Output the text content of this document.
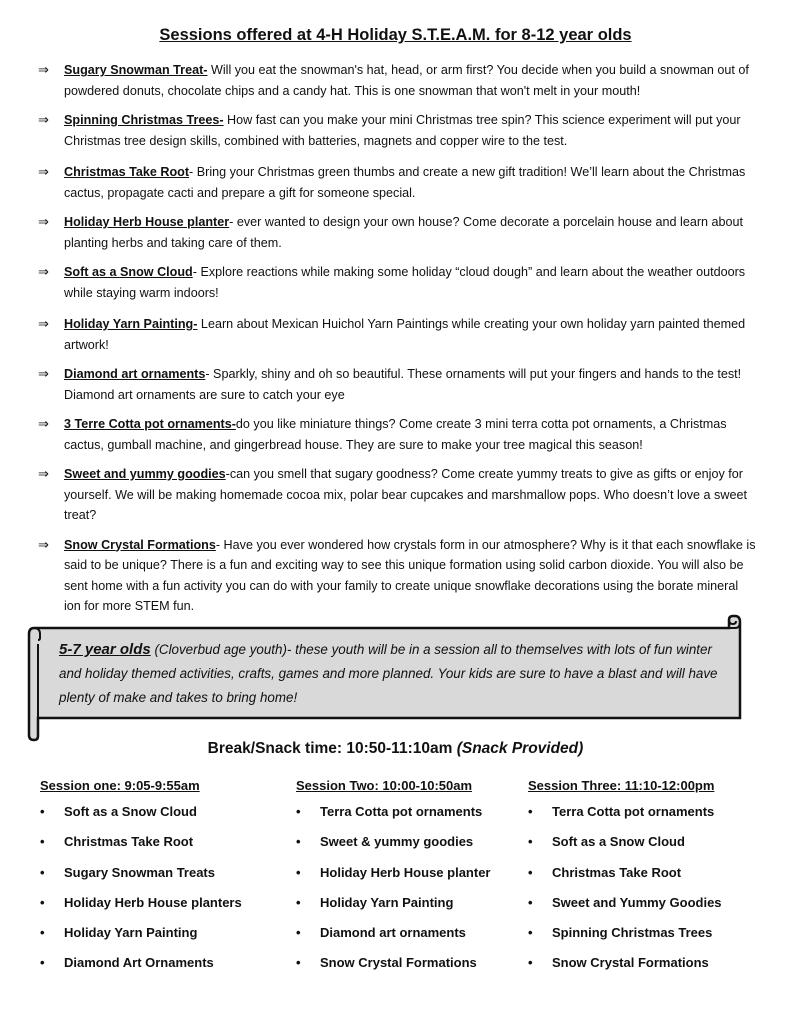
Sessions offered at 4-H Holiday S.T.E.A.M. for 8-12 year olds
⇒ Sugary Snowman Treat- Will you eat the snowman's hat, head, or arm first? You decide when you build a snowman out of powdered donuts, chocolate chips and a candy hat. This is one snowman that won't melt in your mouth!
⇒ Spinning Christmas Trees- How fast can you make your mini Christmas tree spin? This science experiment will put your Christmas tree design skills, combined with batteries, magnets and copper wire to the test.
⇒ Christmas Take Root- Bring your Christmas green thumbs and create a new gift tradition! We’ll learn about the Christmas cactus, propagate cacti and prepare a gift for someone special.
⇒ Holiday Herb House planter- ever wanted to design your own house? Come decorate a porcelain house and learn about planting herbs and taking care of them.
⇒ Soft as a Snow Cloud- Explore reactions while making some holiday “cloud dough” and learn about the weather outdoors while staying warm indoors!
⇒ Holiday Yarn Painting- Learn about Mexican Huichol Yarn Paintings while creating your own holiday yarn painted themed artwork!
⇒ Diamond art ornaments- Sparkly, shiny and oh so beautiful. These ornaments will put your fingers and hands to the test! Diamond art ornaments are sure to catch your eye
⇒ 3 Terre Cotta pot ornaments-do you like miniature things? Come create 3 mini terra cotta pot ornaments, a Christmas cactus, gumball machine, and gingerbread house. They are sure to make your tree magical this season!
⇒ Sweet and yummy goodies-can you smell that sugary goodness? Come create yummy treats to give as gifts or enjoy for yourself. We will be making homemade cocoa mix, polar bear cupcakes and marshmallow pops. Who doesn’t love a sweet treat?
⇒ Snow Crystal Formations- Have you ever wondered how crystals form in our atmosphere? Why is it that each snowflake is said to be unique? There is a fun and exciting way to see this unique formation using solid carbon dioxide. You will also be sent home with a fun activity you can do with your family to create unique snowflake decorations using the borate mineral ion for more STEM fun.
5-7 year olds (Cloverbud age youth)- these youth will be in a session all to themselves with lots of fun winter and holiday themed activities, crafts, games and more planned. Your kids are sure to have a blast and will have plenty of make and takes to bring home!
Break/Snack time: 10:50-11:10am (Snack Provided)
Session one: 9:05-9:55am
• Soft as a Snow Cloud
• Christmas Take Root
• Sugary Snowman Treats
• Holiday Herb House planters
• Holiday Yarn Painting
• Diamond Art Ornaments
Session Two: 10:00-10:50am
• Terra Cotta pot ornaments
• Sweet & yummy goodies
• Holiday Herb House planter
• Holiday Yarn Painting
• Diamond art ornaments
• Snow Crystal Formations
Session Three: 11:10-12:00pm
• Terra Cotta pot ornaments
• Soft as a Snow Cloud
• Christmas Take Root
• Sweet and Yummy Goodies
• Spinning Christmas Trees
• Snow Crystal Formations
